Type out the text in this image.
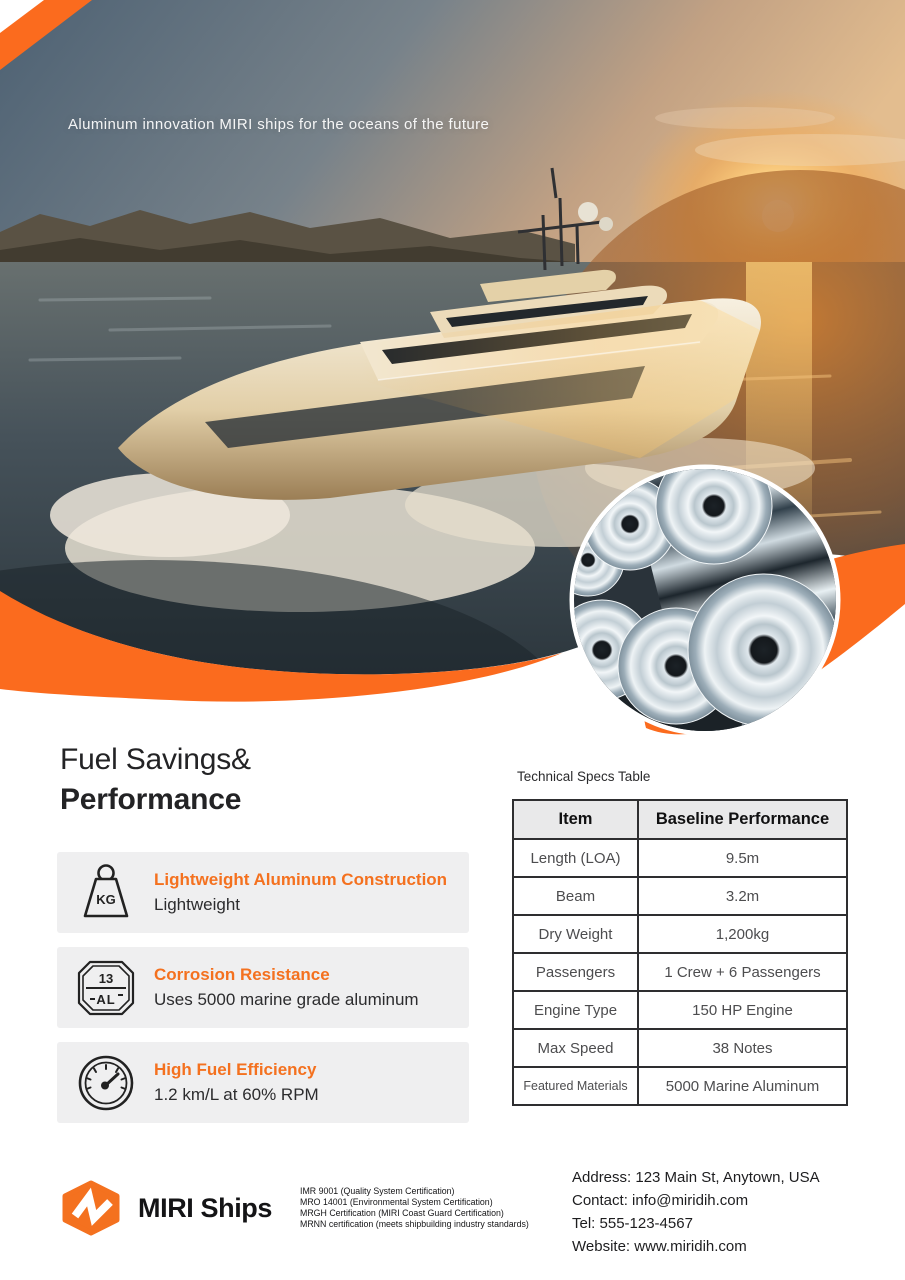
Aluminum innovation MIRI ships for the oceans of the future
Fuel Savings&
Performance
KG
Lightweight Aluminum Construction
Lightweight
13
AL
Corrosion Resistance
Uses 5000 marine grade aluminum
High Fuel Efficiency
1.2 km/L at 60% RPM
Technical Specs Table
Item	Baseline Performance
Length (LOA)	9.5m
Beam	3.2m
Dry Weight	1,200kg
Passengers	1 Crew + 6 Passengers
Engine Type	150 HP Engine
Max Speed	38 Notes
Featured Materials	5000 Marine Aluminum
MIRI Ships
IMR 9001 (Quality System Certification)
MRO 14001 (Environmental System Certification)
MRGH Certification (MIRI Coast Guard Certification)
MRNN certification (meets shipbuilding industry standards)
Address: 123 Main St, Anytown, USA
Contact: info@miridih.com
Tel: 555-123-4567
Website: www.miridih.com
